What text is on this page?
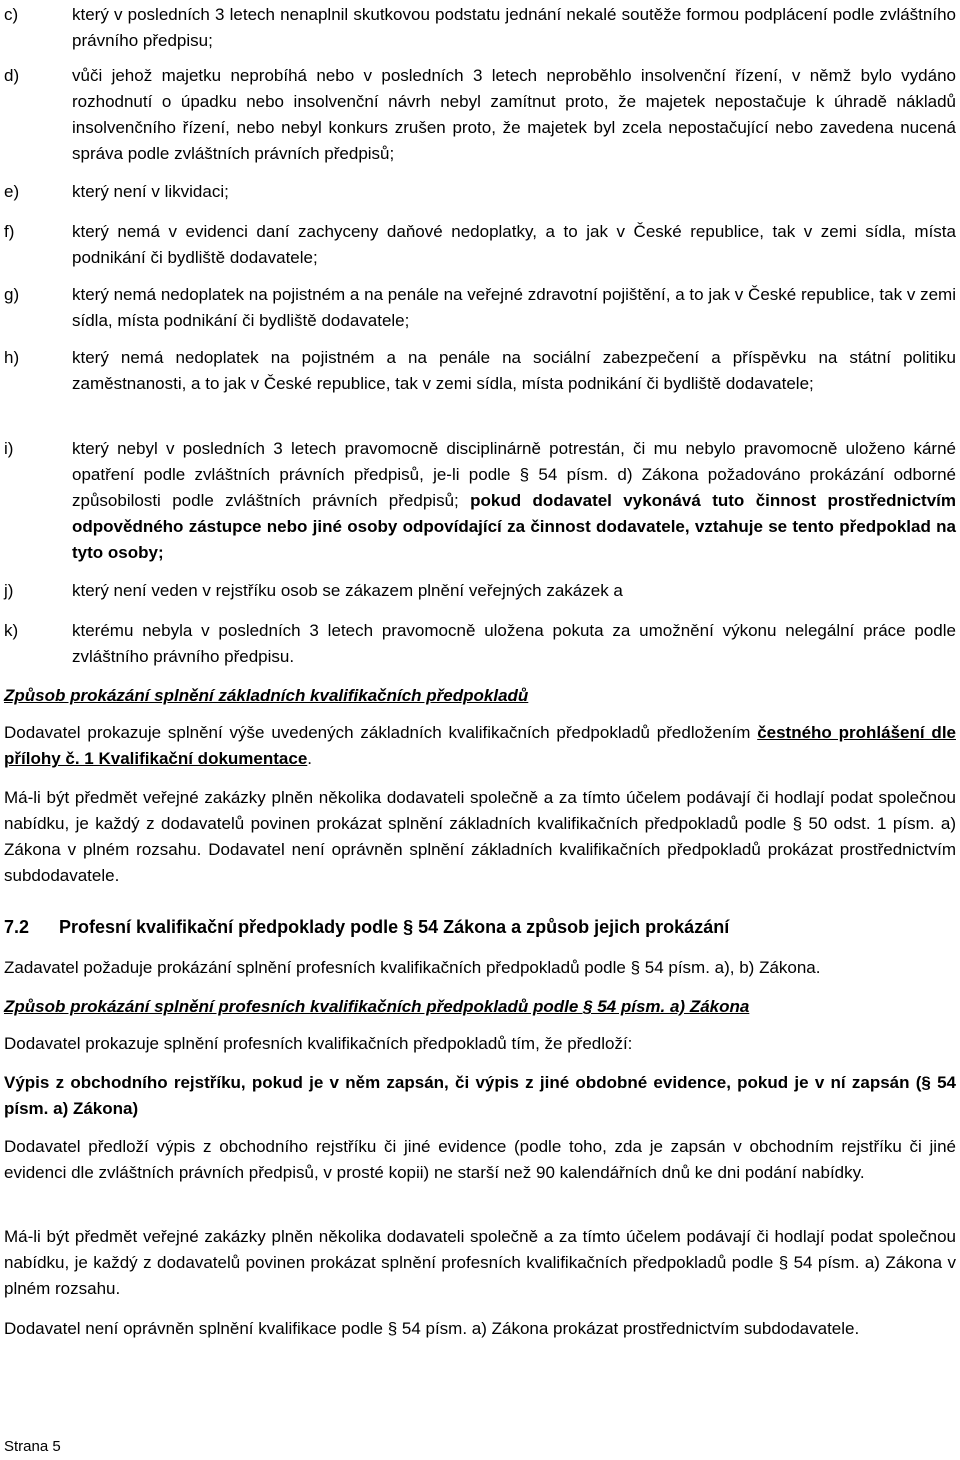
c)	který v posledních 3 letech nenaplnil skutkovou podstatu jednání nekalé soutěže formou podplácení podle zvláštního právního předpisu;
d)	vůči jehož majetku neprobíhá nebo v posledních 3 letech neproběhlo insolvenční řízení, v němž bylo vydáno rozhodnutí o úpadku nebo insolvenční návrh nebyl zamítnut proto, že majetek nepostačuje k úhradě nákladů insolvenčního řízení, nebo nebyl konkurs zrušen proto, že majetek byl zcela nepostačující nebo zavedena nucená správa podle zvláštních právních předpisů;
e)	který není v likvidaci;
f)	který nemá v evidenci daní zachyceny daňové nedoplatky, a to jak v České republice, tak v zemi sídla, místa podnikání či bydliště dodavatele;
g)	který nemá nedoplatek na pojistném a na penále na veřejné zdravotní pojištění, a to jak v České republice, tak v zemi sídla, místa podnikání či bydliště dodavatele;
h)	který nemá nedoplatek na pojistném a na penále na sociální zabezpečení a příspěvku na státní politiku zaměstnanosti, a to jak v České republice, tak v zemi sídla, místa podnikání či bydliště dodavatele;
i)	který nebyl v posledních 3 letech pravomocně disciplinárně potrestán, či mu nebylo pravomocně uloženo kárné opatření podle zvláštních právních předpisů, je-li podle § 54 písm. d) Zákona požadováno prokázání odborné způsobilosti podle zvláštních právních předpisů; pokud dodavatel vykonává tuto činnost prostřednictvím odpovědného zástupce nebo jiné osoby odpovídající za činnost dodavatele, vztahuje se tento předpoklad na tyto osoby;
j)	který není veden v rejstříku osob se zákazem plnění veřejných zakázek a
k)	kterému nebyla v posledních 3 letech pravomocně uložena pokuta za umožnění výkonu nelegální práce podle zvláštního právního předpisu.
Způsob prokázání splnění základních kvalifikačních předpokladů
Dodavatel prokazuje splnění výše uvedených základních kvalifikačních předpokladů předložením čestného prohlášení dle přílohy č. 1 Kvalifikační dokumentace.
Má-li být předmět veřejné zakázky plněn několika dodavateli společně a za tímto účelem podávají či hodlají podat společnou nabídku, je každý z dodavatelů povinen prokázat splnění základních kvalifikačních předpokladů podle § 50 odst. 1 písm. a) Zákona v plném rozsahu. Dodavatel není oprávněn splnění základních kvalifikačních předpokladů prokázat prostřednictvím subdodavatele.
7.2 Profesní kvalifikační předpoklady podle § 54 Zákona a způsob jejich prokázání
Zadavatel požaduje prokázání splnění profesních kvalifikačních předpokladů podle § 54 písm. a), b) Zákona.
Způsob prokázání splnění profesních kvalifikačních předpokladů podle § 54 písm. a) Zákona
Dodavatel prokazuje splnění profesních kvalifikačních předpokladů tím, že předloží:
Výpis z obchodního rejstříku, pokud je v něm zapsán, či výpis z jiné obdobné evidence, pokud je v ní zapsán (§ 54 písm. a) Zákona)
Dodavatel předloží výpis z obchodního rejstříku či jiné evidence (podle toho, zda je zapsán v obchodním rejstříku či jiné evidenci dle zvláštních právních předpisů, v prosté kopii) ne starší než 90 kalendářních dnů ke dni podání nabídky.
Má-li být předmět veřejné zakázky plněn několika dodavateli společně a za tímto účelem podávají či hodlají podat společnou nabídku, je každý z dodavatelů povinen prokázat splnění profesních kvalifikačních předpokladů podle § 54 písm. a) Zákona v plném rozsahu.
Dodavatel není oprávněn splnění kvalifikace podle § 54 písm. a) Zákona prokázat prostřednictvím subdodavatele.
Strana 5
